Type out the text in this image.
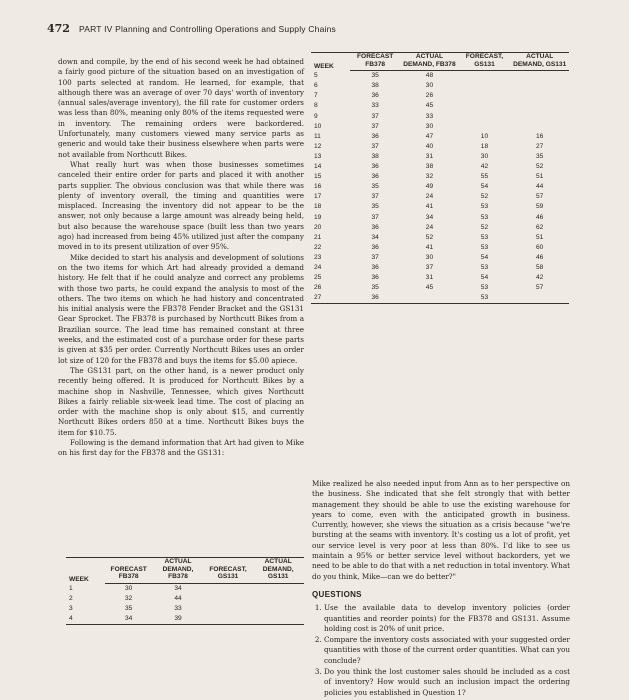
472 PART IV Planning and Controlling Operations and Supply Chains

down and compile, by the end of his second week he had obtained a fairly good picture of the situation based on an investigation of 100 parts selected at random. He learned, for example, that although there was an average of over 70 days' worth of inventory (annual sales/average inventory), the fill rate for customer orders was less than 80%, meaning only 80% of the items requested were in inventory. The remaining orders were backordered. Unfortunately, many customers viewed many service parts as generic and would take their business elsewhere when parts were not available from Northcutt Bikes.

What really hurt was when those businesses sometimes canceled their entire order for parts and placed it with another parts supplier. The obvious conclusion was that while there was plenty of inventory overall, the timing and quantities were misplaced. Increasing the inventory did not appear to be the answer, not only because a large amount was already being held, but also because the warehouse space (built less than two years ago) had increased from being 45% utilized just after the company moved in to its present utilization of over 95%.

Mike decided to start his analysis and development of solutions on the two items for which Art had already provided a demand history. He felt that if he could analyze and correct any problems with those two parts, he could expand the analysis to most of the others. The two items on which he had history and concentrated his initial analysis were the FB378 Fender Bracket and the GS131 Gear Sprocket. The FB378 is purchased by Northcutt Bikes from a Brazilian source. The lead time has remained constant at three weeks, and the estimated cost of a purchase order for these parts is given at $35 per order. Currently Northcutt Bikes uses an order lot size of 120 for the FB378 and buys the items for $5.00 apiece.

The GS131 part, on the other hand, is a newer product only recently being offered. It is produced for Northcutt Bikes by a machine shop in Nashville, Tennessee, which gives Northcutt Bikes a fairly reliable six-week lead time. The cost of placing an order with the machine shop is only about $15, and currently Northcutt Bikes orders 850 at a time. Northcutt Bikes buys the item for $10.75.

Following is the demand information that Art had given to Mike on his first day for the FB378 and the GS131:

WEEK	FORECAST FB378	ACTUAL DEMAND, FB378	FORECAST, GS131	ACTUAL DEMAND, GS131

5	35	48		
6	38	30		
7	36	26		
8	33	45		
9	37	33		
10	37	30		
11	36	47	10	16
12	37	40	18	27
13	38	31	30	35
14	36	38	42	52
15	36	32	55	51
16	35	49	54	44
17	37	24	52	57
18	35	41	53	59
19	37	34	53	46
20	36	24	52	62
21	34	52	53	51
22	36	41	53	60
23	37	30	54	46
24	36	37	53	58
25	36	31	54	42
26	35	45	53	57
27	36		53	
WEEK	FORECAST FB378	ACTUAL DEMAND, FB378	FORECAST, GS131	ACTUAL DEMAND, GS131

1	30	34		
2	32	44		
3	35	33		
4	34	39		

Mike realized he also needed input from Ann as to her perspective on the business. She indicated that she felt strongly that with better management they should be able to use the existing warehouse for years to come, even with the anticipated growth in business. Currently, however, she views the situation as a crisis because "we're bursting at the seams with inventory. It's costing us a lot of profit, yet our service level is very poor at less than 80%. I'd like to see us maintain a 95% or better service level without backorders, yet we need to be able to do that with a net reduction in total inventory. What do you think, Mike—can we do better?"

QUESTIONS
1. Use the available data to develop inventory policies (order quantities and reorder points) for the FB378 and GS131. Assume holding cost is 20% of unit price.
2. Compare the inventory costs associated with your suggested order quantities with those of the current order quantities. What can you conclude?
3. Do you think the lost customer sales should be included as a cost of inventory? How would such an inclusion impact the ordering policies you established in Question 1?
